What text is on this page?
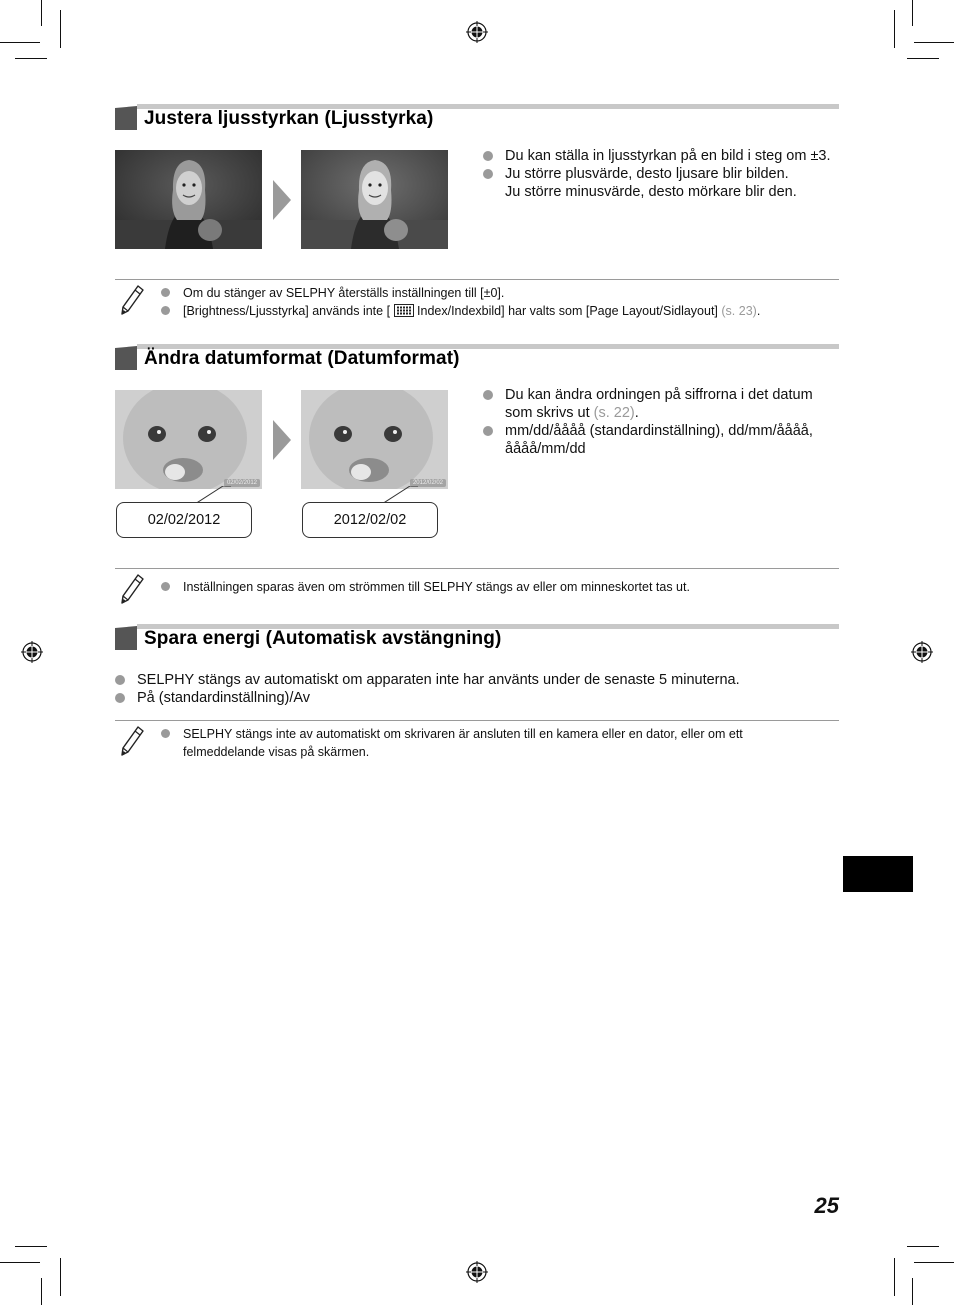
Justera ljusstyrkan (Ljusstyrka)
Du kan ställa in ljusstyrkan på en bild i steg om ±3.
Ju större plusvärde, desto ljusare blir bilden.
Ju större minusvärde, desto mörkare blir den.
Om du stänger av SELPHY återställs inställningen till [±0].
[Brightness/Ljusstyrka] används inte [ Index/Indexbild] har valts som [Page Layout/Sidlayout] (s. 23).
Ändra datumformat (Datumformat)
02/02/2012	2012/02/02
02/02/2012	2012/02/02
Du kan ändra ordningen på siffrorna i det datum som skrivs ut (s. 22).
mm/dd/åååå (standardinställning), dd/mm/åååå, åååå/mm/dd
Inställningen sparas även om strömmen till SELPHY stängs av eller om minneskortet tas ut.
Spara energi (Automatisk avstängning)
SELPHY stängs av automatiskt om apparaten inte har använts under de senaste 5 minuterna.
På (standardinställning)/Av
SELPHY stängs inte av automatiskt om skrivaren är ansluten till en kamera eller en dator, eller om ett felmeddelande visas på skärmen.
25
